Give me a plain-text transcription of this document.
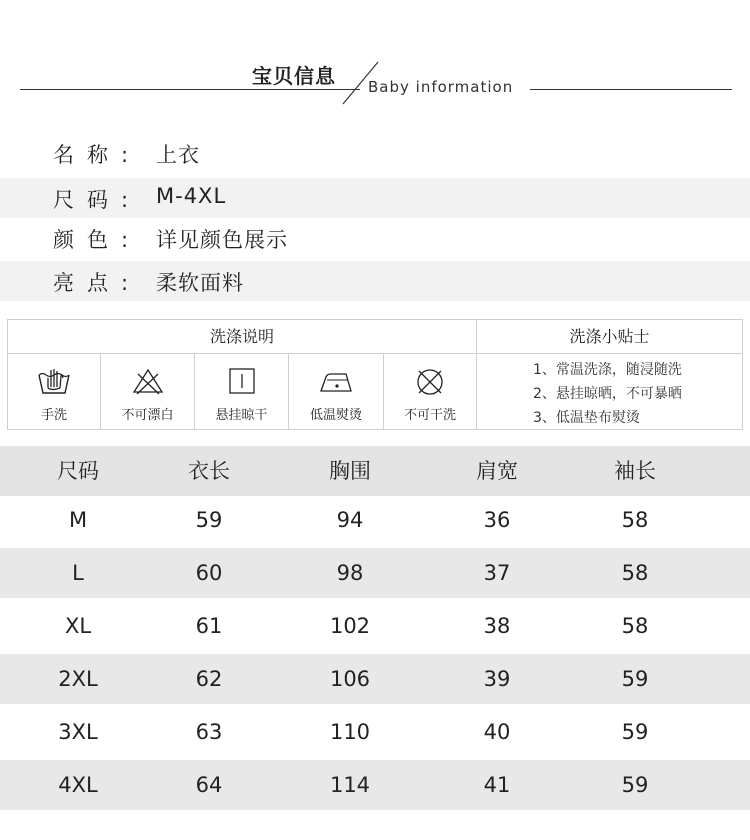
宝贝信息 Baby information
名称: 上衣
尺码: M-4XL
颜色: 详见颜色展示
亮点: 柔软面料
洗涤说明	洗涤小贴士
手洗	不可漂白	悬挂晾干	低温熨烫	不可干洗
1、常温洗涤，随浸随洗
2、悬挂晾晒，不可暴晒
3、低温垫布熨烫
尺码	衣长	胸围	肩宽	袖长
M	59	94	36	58
L	60	98	37	58
XL	61	102	38	58
2XL	62	106	39	59
3XL	63	110	40	59
4XL	64	114	41	59
